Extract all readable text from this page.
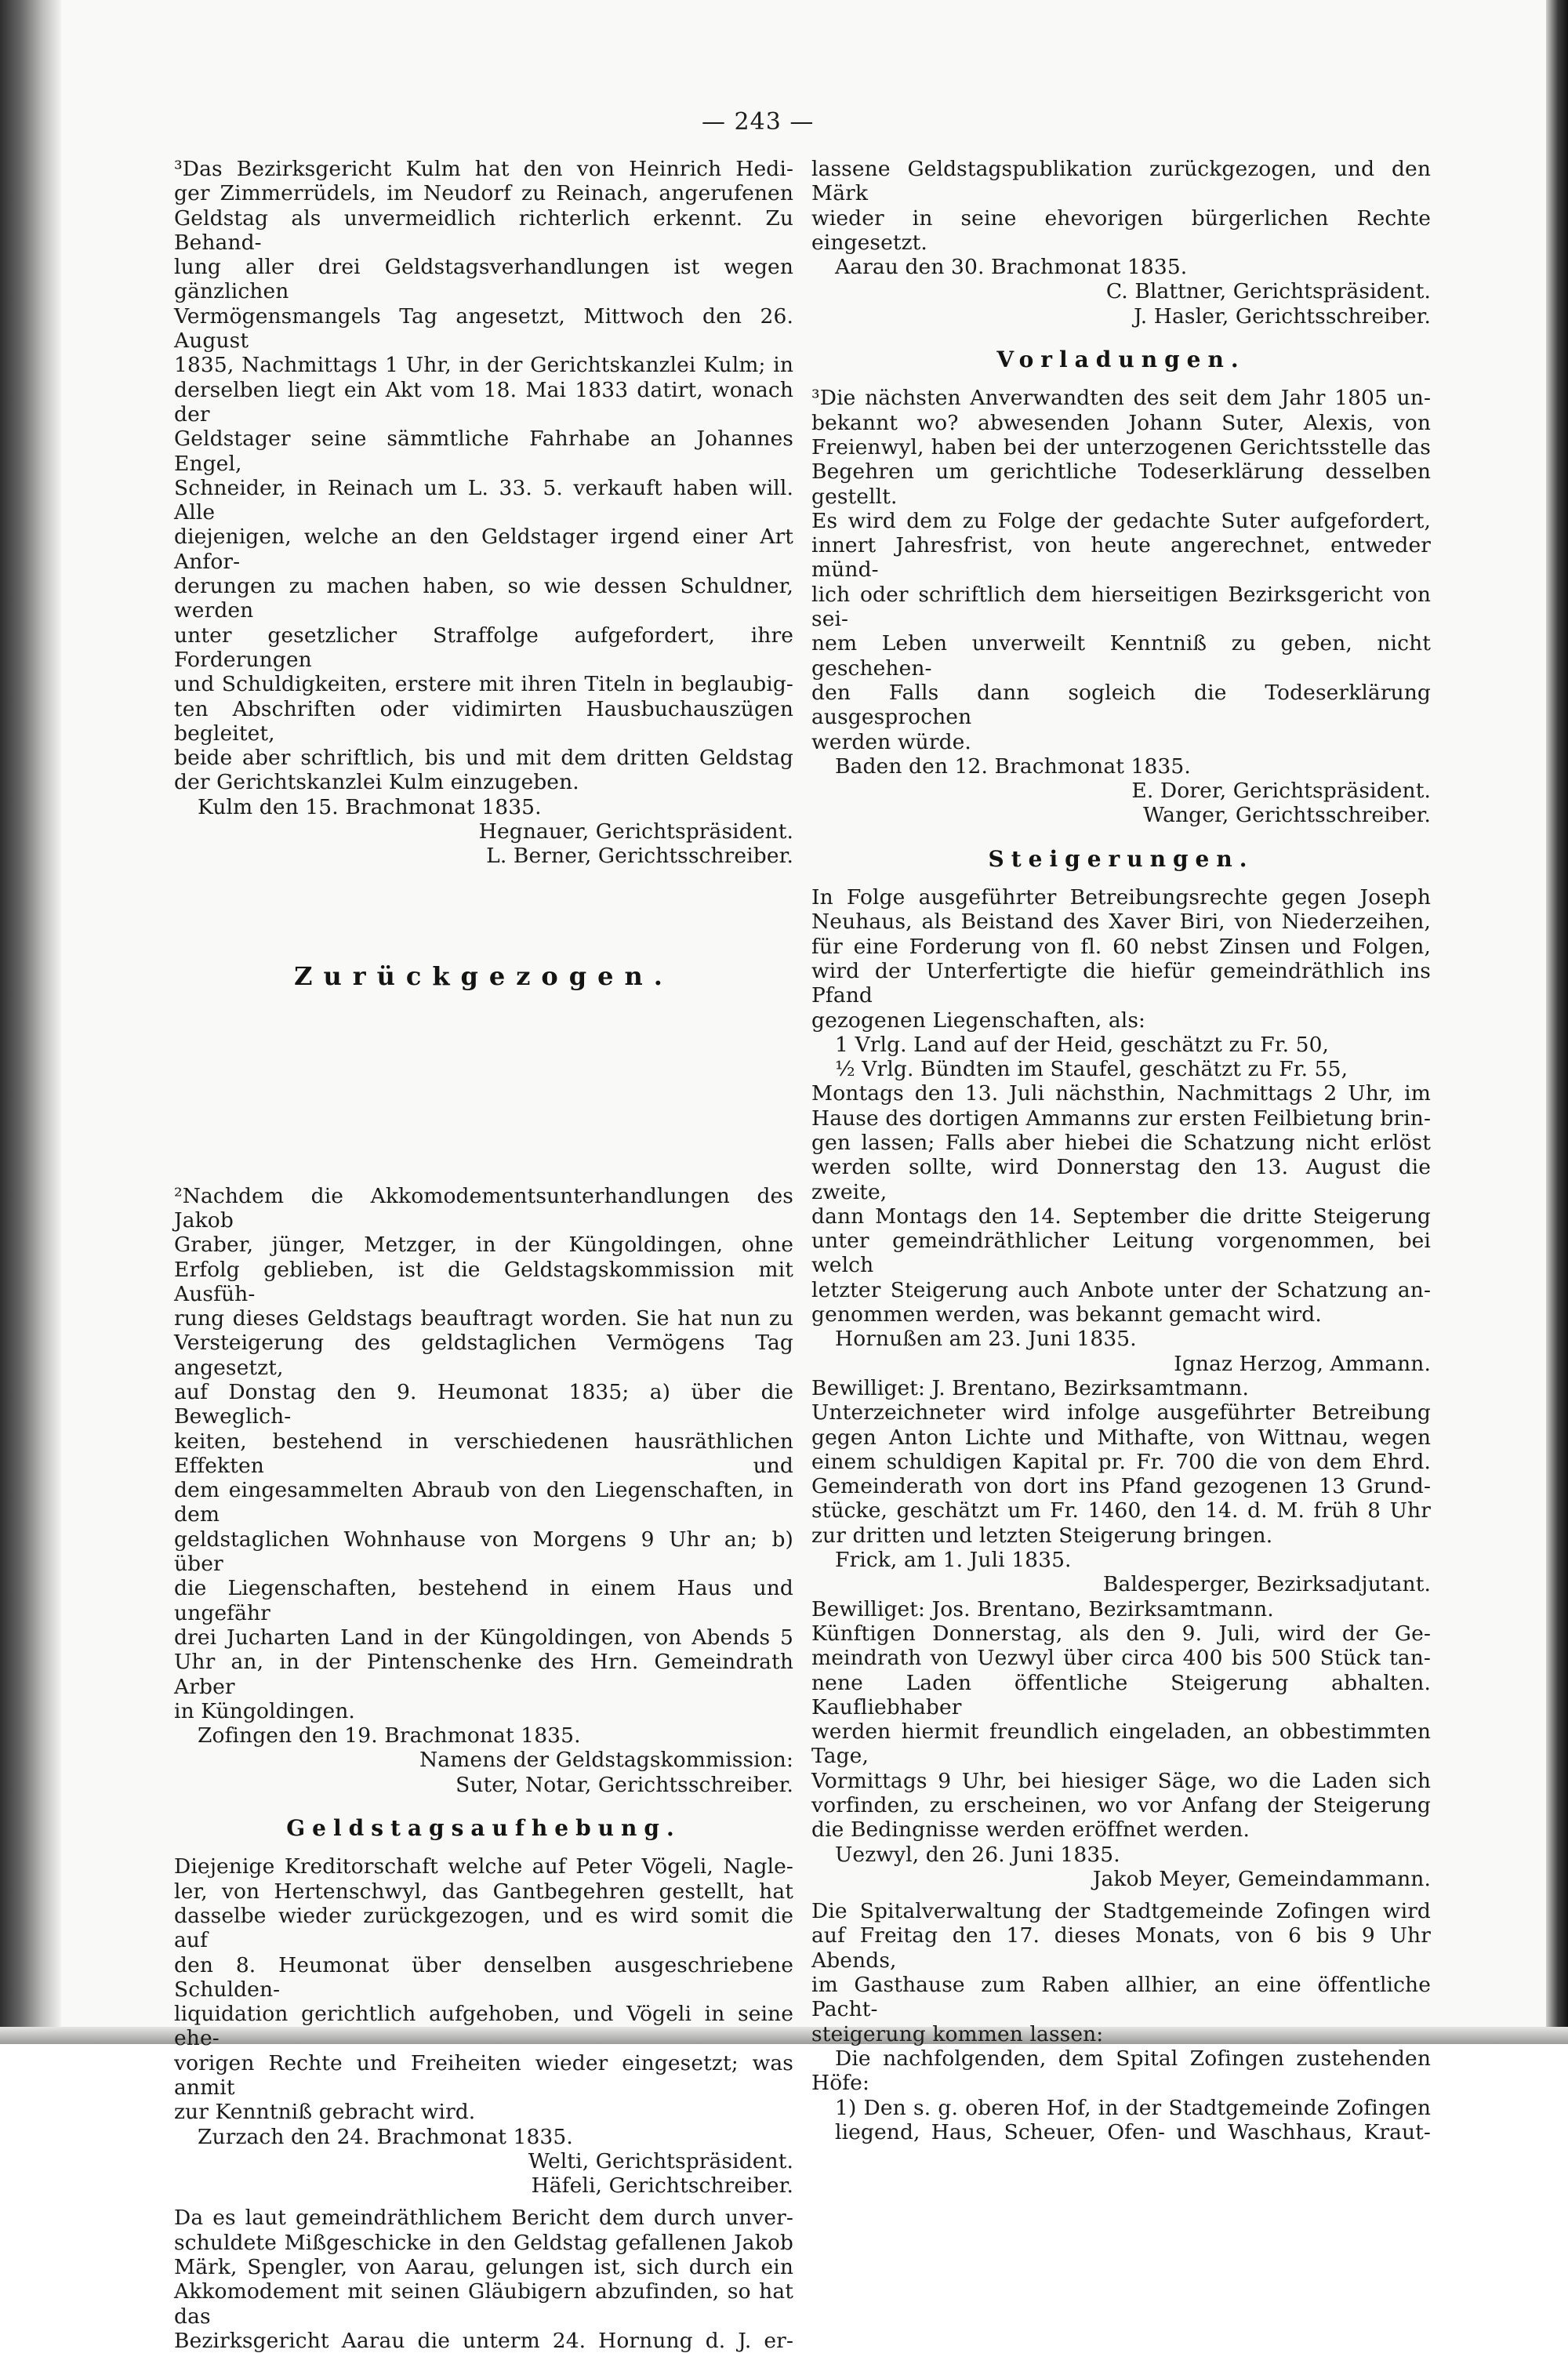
— 243 —
³Das Bezirksgericht Kulm hat den von Heinrich Hedi-
ger Zimmerrüdels, im Neudorf zu Reinach, angerufenen
Geldstag als unvermeidlich richterlich erkennt. Zu Behand-
lung aller drei Geldstagsverhandlungen ist wegen gänzlichen
Vermögensmangels Tag angesetzt, Mittwoch den 26. August
1835, Nachmittags 1 Uhr, in der Gerichtskanzlei Kulm; in
derselben liegt ein Akt vom 18. Mai 1833 datirt, wonach der
Geldstager seine sämmtliche Fahrhabe an Johannes Engel,
Schneider, in Reinach um L. 33. 5. verkauft haben will. Alle
diejenigen, welche an den Geldstager irgend einer Art Anfor-
derungen zu machen haben, so wie dessen Schuldner, werden
unter gesetzlicher Straffolge aufgefordert, ihre Forderungen
und Schuldigkeiten, erstere mit ihren Titeln in beglaubig-
ten Abschriften oder vidimirten Hausbuchauszügen begleitet,
beide aber schriftlich, bis und mit dem dritten Geldstag
der Gerichtskanzlei Kulm einzugeben.
Kulm den 15. Brachmonat 1835.
Hegnauer, Gerichtspräsident.
L. Berner, Gerichtsschreiber.
Zurückgezogen.
²Nachdem die Akkomodementsunterhandlungen des Jakob
Graber, jünger, Metzger, in der Küngoldingen, ohne
Erfolg geblieben, ist die Geldstagskommission mit Ausfüh-
rung dieses Geldstags beauftragt worden. Sie hat nun zu
Versteigerung des geldstaglichen Vermögens Tag angesetzt,
auf Donstag den 9. Heumonat 1835; a) über die Beweglich-
keiten, bestehend in verschiedenen hausräthlichen Effekten und
dem eingesammelten Abraub von den Liegenschaften, in dem
geldstaglichen Wohnhause von Morgens 9 Uhr an; b) über
die Liegenschaften, bestehend in einem Haus und ungefähr
drei Jucharten Land in der Küngoldingen, von Abends 5
Uhr an, in der Pintenschenke des Hrn. Gemeindrath Arber
in Küngoldingen.
Zofingen den 19. Brachmonat 1835.
Namens der Geldstagskommission:
Suter, Notar, Gerichtsschreiber.
Geldstagsaufhebung.
Diejenige Kreditorschaft welche auf Peter Vögeli, Nagle-
ler, von Hertenschwyl, das Gantbegehren gestellt, hat
dasselbe wieder zurückgezogen, und es wird somit die auf
den 8. Heumonat über denselben ausgeschriebene Schulden-
liquidation gerichtlich aufgehoben, und Vögeli in seine ehe-
vorigen Rechte und Freiheiten wieder eingesetzt; was anmit
zur Kenntniß gebracht wird.
Zurzach den 24. Brachmonat 1835.
Welti, Gerichtspräsident.
Häfeli, Gerichtschreiber.
Da es laut gemeindräthlichem Bericht dem durch unver-
schuldete Mißgeschicke in den Geldstag gefallenen Jakob
Märk, Spengler, von Aarau, gelungen ist, sich durch ein
Akkomodement mit seinen Gläubigern abzufinden, so hat das
Bezirksgericht Aarau die unterm 24. Hornung d. J. er-
lassene Geldstagspublikation zurückgezogen, und den Märk
wieder in seine ehevorigen bürgerlichen Rechte eingesetzt.
Aarau den 30. Brachmonat 1835.
C. Blattner, Gerichtspräsident.
J. Hasler, Gerichtsschreiber.
Vorladungen.
³Die nächsten Anverwandten des seit dem Jahr 1805 un-
bekannt wo? abwesenden Johann Suter, Alexis, von
Freienwyl, haben bei der unterzogenen Gerichtsstelle das
Begehren um gerichtliche Todeserklärung desselben gestellt.
Es wird dem zu Folge der gedachte Suter aufgefordert,
innert Jahresfrist, von heute angerechnet, entweder münd-
lich oder schriftlich dem hierseitigen Bezirksgericht von sei-
nem Leben unverweilt Kenntniß zu geben, nicht geschehen-
den Falls dann sogleich die Todeserklärung ausgesprochen
werden würde.
Baden den 12. Brachmonat 1835.
E. Dorer, Gerichtspräsident.
Wanger, Gerichtsschreiber.
Steigerungen.
In Folge ausgeführter Betreibungsrechte gegen Joseph
Neuhaus, als Beistand des Xaver Biri, von Niederzeihen,
für eine Forderung von fl. 60 nebst Zinsen und Folgen,
wird der Unterfertigte die hiefür gemeindräthlich ins Pfand
gezogenen Liegenschaften, als:
1 Vrlg. Land auf der Heid, geschätzt zu Fr. 50,
½ Vrlg. Bündten im Staufel, geschätzt zu Fr. 55,
Montags den 13. Juli nächsthin, Nachmittags 2 Uhr, im
Hause des dortigen Ammanns zur ersten Feilbietung brin-
gen lassen; Falls aber hiebei die Schatzung nicht erlöst
werden sollte, wird Donnerstag den 13. August die zweite,
dann Montags den 14. September die dritte Steigerung
unter gemeindräthlicher Leitung vorgenommen, bei welch
letzter Steigerung auch Anbote unter der Schatzung an-
genommen werden, was bekannt gemacht wird.
Hornußen am 23. Juni 1835.
Ignaz Herzog, Ammann.
Bewilliget: J. Brentano, Bezirksamtmann.
Unterzeichneter wird infolge ausgeführter Betreibung
gegen Anton Lichte und Mithafte, von Wittnau, wegen
einem schuldigen Kapital pr. Fr. 700 die von dem Ehrd.
Gemeinderath von dort ins Pfand gezogenen 13 Grund-
stücke, geschätzt um Fr. 1460, den 14. d. M. früh 8 Uhr
zur dritten und letzten Steigerung bringen.
Frick, am 1. Juli 1835.
Baldesperger, Bezirksadjutant.
Bewilliget: Jos. Brentano, Bezirksamtmann.
Künftigen Donnerstag, als den 9. Juli, wird der Ge-
meindrath von Uezwyl über circa 400 bis 500 Stück tan-
nene Laden öffentliche Steigerung abhalten. Kaufliebhaber
werden hiermit freundlich eingeladen, an obbestimmten Tage,
Vormittags 9 Uhr, bei hiesiger Säge, wo die Laden sich
vorfinden, zu erscheinen, wo vor Anfang der Steigerung
die Bedingnisse werden eröffnet werden.
Uezwyl, den 26. Juni 1835.
Jakob Meyer, Gemeindammann.
Die Spitalverwaltung der Stadtgemeinde Zofingen wird
auf Freitag den 17. dieses Monats, von 6 bis 9 Uhr Abends,
im Gasthause zum Raben allhier, an eine öffentliche Pacht-
steigerung kommen lassen:
Die nachfolgenden, dem Spital Zofingen zustehenden
Höfe:
1) Den s. g. oberen Hof, in der Stadtgemeinde Zofingen
liegend, Haus, Scheuer, Ofen- und Waschhaus, Kraut-
